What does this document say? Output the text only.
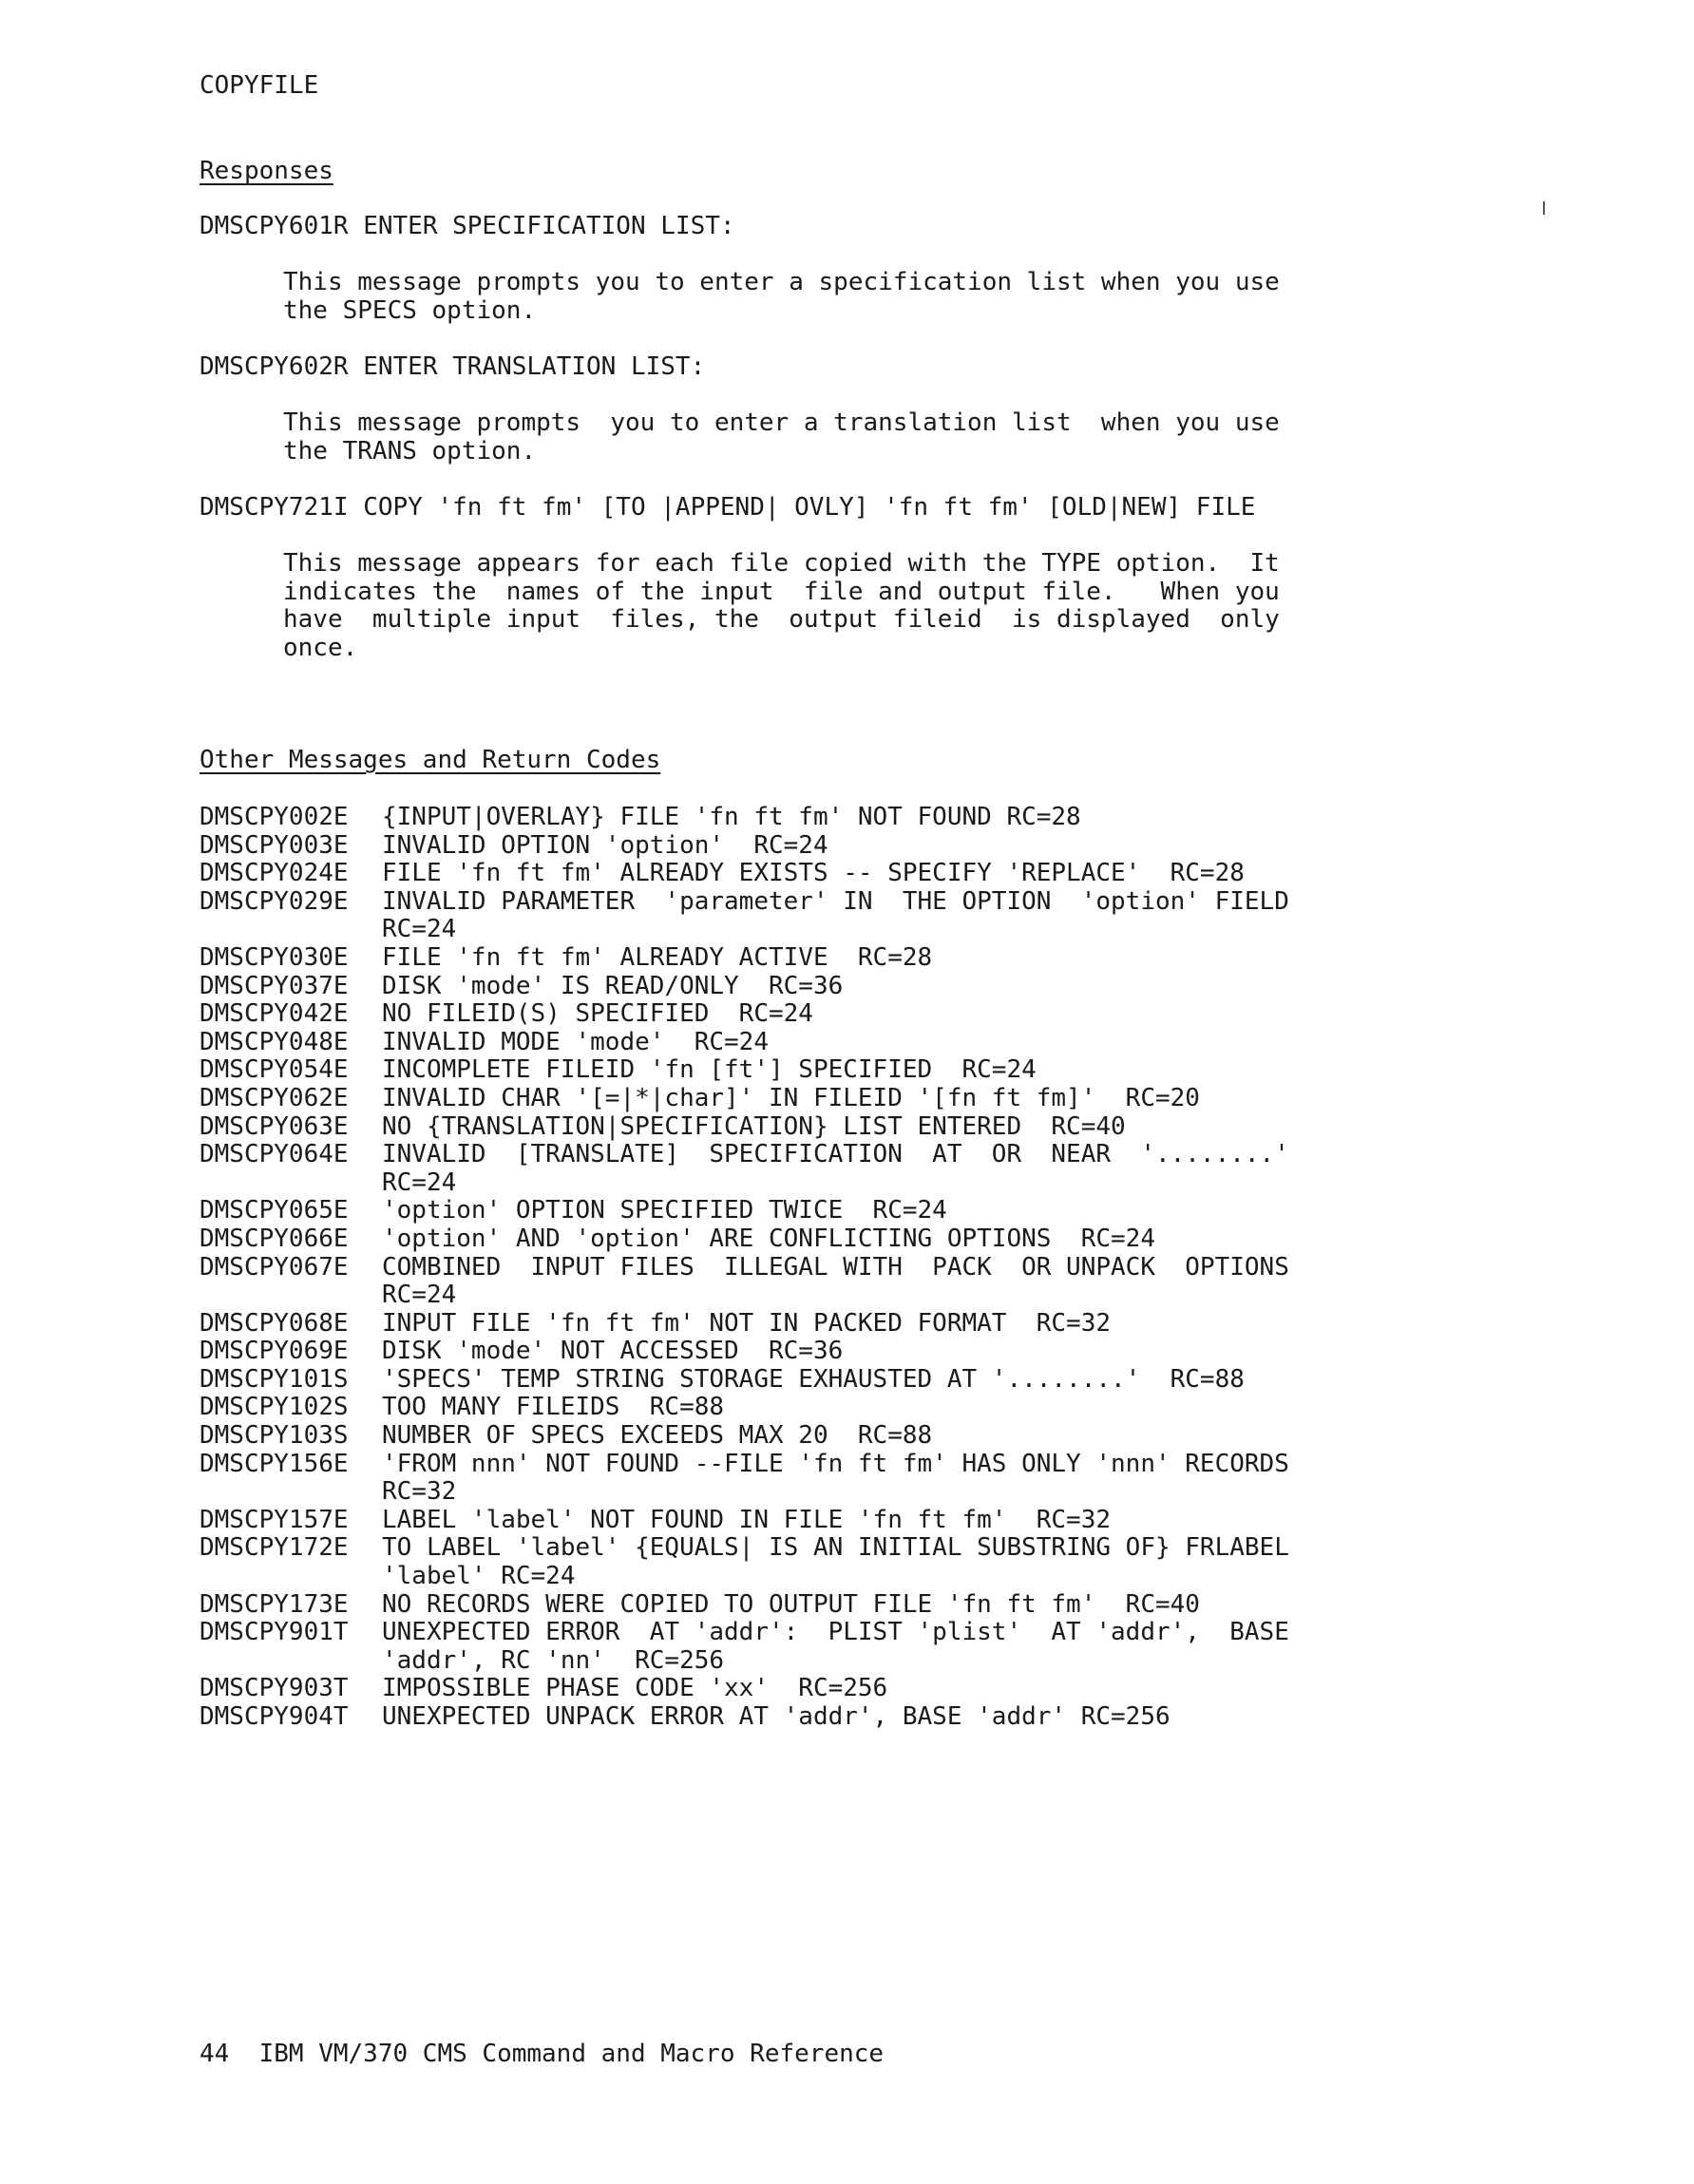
COPYFILE
Responses
DMSCPY601R ENTER SPECIFICATION LIST:
This message prompts you to enter a specification list when you use
the SPECS option.
DMSCPY602R ENTER TRANSLATION LIST:
This message prompts  you to enter a translation list  when you use
the TRANS option.
DMSCPY721I COPY 'fn ft fm' [TO |APPEND| OVLY] 'fn ft fm' [OLD|NEW] FILE
This message appears for each file copied with the TYPE option.  It
indicates the  names of the input  file and output file.   When you
have  multiple input  files, the  output fileid  is displayed  only
once.
Other Messages and Return Codes
DMSCPY002E	{INPUT|OVERLAY} FILE 'fn ft fm' NOT FOUND RC=28
DMSCPY003E	INVALID OPTION 'option'  RC=24
DMSCPY024E	FILE 'fn ft fm' ALREADY EXISTS -- SPECIFY 'REPLACE'  RC=28
DMSCPY029E	INVALID PARAMETER  'parameter' IN  THE OPTION  'option' FIELD
RC=24
DMSCPY030E	FILE 'fn ft fm' ALREADY ACTIVE  RC=28
DMSCPY037E	DISK 'mode' IS READ/ONLY  RC=36
DMSCPY042E	NO FILEID(S) SPECIFIED  RC=24
DMSCPY048E	INVALID MODE 'mode'  RC=24
DMSCPY054E	INCOMPLETE FILEID 'fn [ft'] SPECIFIED  RC=24
DMSCPY062E	INVALID CHAR '[=|*|char]' IN FILEID '[fn ft fm]'  RC=20
DMSCPY063E	NO {TRANSLATION|SPECIFICATION} LIST ENTERED  RC=40
DMSCPY064E	INVALID  [TRANSLATE]  SPECIFICATION  AT  OR  NEAR  '........'
RC=24
DMSCPY065E	'option' OPTION SPECIFIED TWICE  RC=24
DMSCPY066E	'option' AND 'option' ARE CONFLICTING OPTIONS  RC=24
DMSCPY067E	COMBINED  INPUT FILES  ILLEGAL WITH  PACK  OR UNPACK  OPTIONS
RC=24
DMSCPY068E	INPUT FILE 'fn ft fm' NOT IN PACKED FORMAT  RC=32
DMSCPY069E	DISK 'mode' NOT ACCESSED  RC=36
DMSCPY101S	'SPECS' TEMP STRING STORAGE EXHAUSTED AT '........'  RC=88
DMSCPY102S	TOO MANY FILEIDS  RC=88
DMSCPY103S	NUMBER OF SPECS EXCEEDS MAX 20  RC=88
DMSCPY156E	'FROM nnn' NOT FOUND --FILE 'fn ft fm' HAS ONLY 'nnn' RECORDS
RC=32
DMSCPY157E	LABEL 'label' NOT FOUND IN FILE 'fn ft fm'  RC=32
DMSCPY172E	TO LABEL 'label' {EQUALS| IS AN INITIAL SUBSTRING OF} FRLABEL
'label' RC=24
DMSCPY173E	NO RECORDS WERE COPIED TO OUTPUT FILE 'fn ft fm'  RC=40
DMSCPY901T	UNEXPECTED ERROR  AT 'addr':  PLIST 'plist'  AT 'addr',  BASE
'addr', RC 'nn'  RC=256
DMSCPY903T	IMPOSSIBLE PHASE CODE 'xx'  RC=256
DMSCPY904T	UNEXPECTED UNPACK ERROR AT 'addr', BASE 'addr' RC=256
44  IBM VM/370 CMS Command and Macro Reference
